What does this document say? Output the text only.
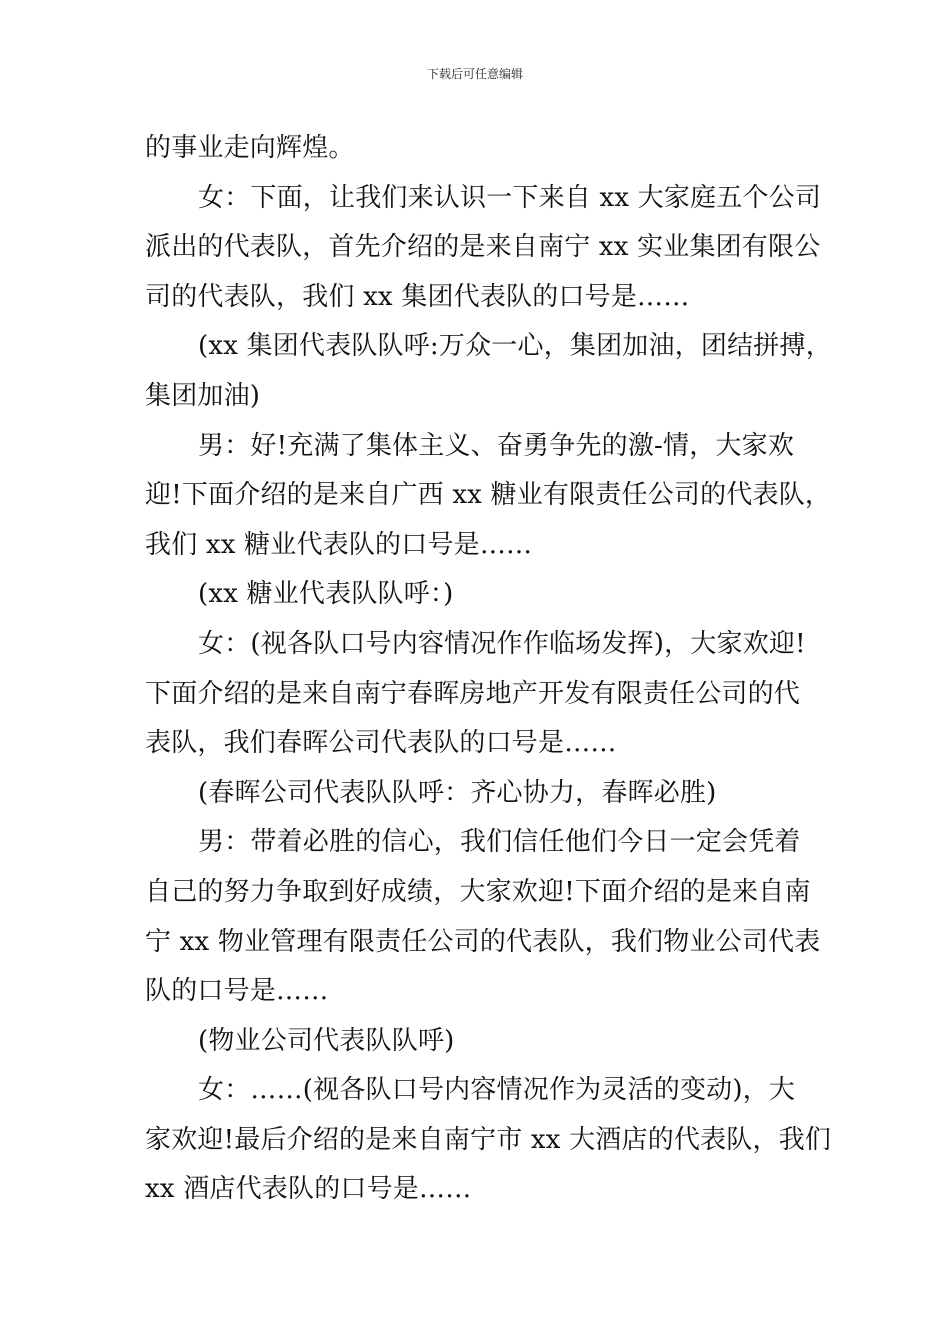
下载后可任意编辑
的事业走向辉煌。
女：下面，让我们来认识一下来自 xx 大家庭五个公司
派出的代表队，首先介绍的是来自南宁 xx 实业集团有限公
司的代表队，我们 xx 集团代表队的口号是……
(xx 集团代表队队呼:万众一心，集团加油，团结拼搏，
集团加油)
男：好!充满了集体主义、奋勇争先的激-情，大家欢
迎!下面介绍的是来自广西 xx 糖业有限责任公司的代表队，
我们 xx 糖业代表队的口号是……
(xx 糖业代表队队呼：)
女：(视各队口号内容情况作作临场发挥)，大家欢迎!
下面介绍的是来自南宁春晖房地产开发有限责任公司的代
表队，我们春晖公司代表队的口号是……
(春晖公司代表队队呼：齐心协力，春晖必胜)
男：带着必胜的信心，我们信任他们今日一定会凭着
自己的努力争取到好成绩，大家欢迎!下面介绍的是来自南
宁 xx 物业管理有限责任公司的代表队，我们物业公司代表
队的口号是……
(物业公司代表队队呼)
女：……(视各队口号内容情况作为灵活的变动)，大
家欢迎!最后介绍的是来自南宁市 xx 大酒店的代表队，我们
xx 酒店代表队的口号是……
